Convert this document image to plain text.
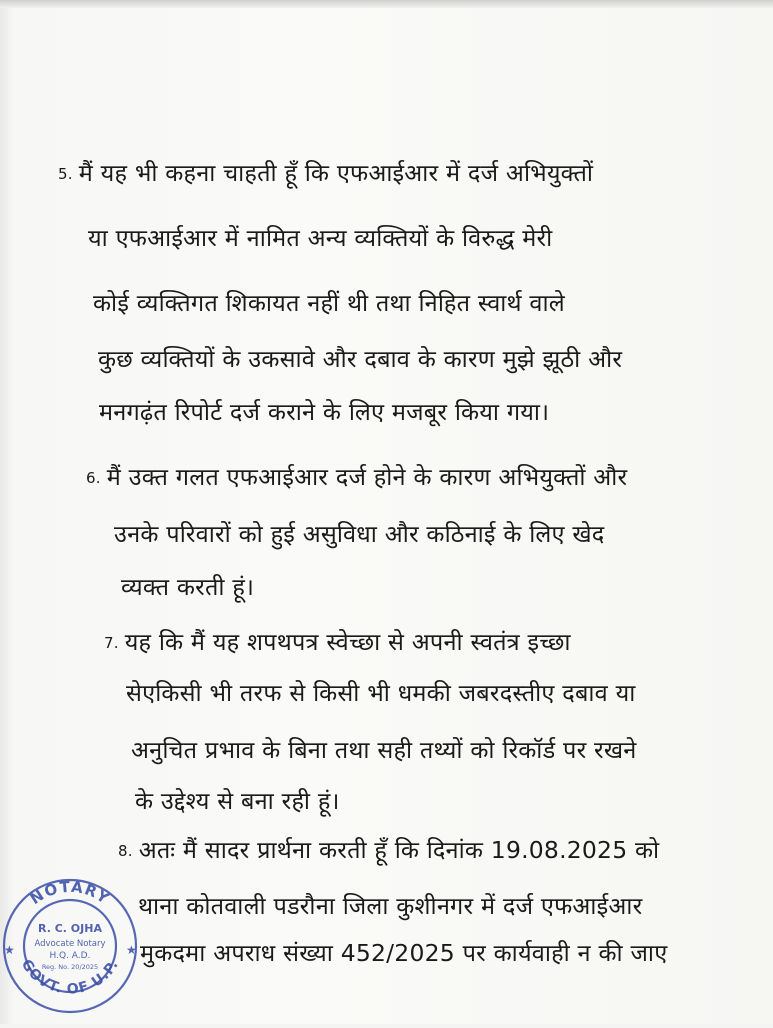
5. मैं यह भी कहना चाहती हूँ कि एफआईआर में दर्ज अभियुक्तों
या एफआईआर में नामित अन्य व्यक्तियों के विरुद्ध मेरी
कोई व्यक्तिगत शिकायत नहीं थी तथा निहित स्वार्थ वाले
कुछ व्यक्तियों के उकसावे और दबाव के कारण मुझे झूठी और
मनगढ़ंत रिपोर्ट दर्ज कराने के लिए मजबूर किया गया।
6. मैं उक्त गलत एफआईआर दर्ज होने के कारण अभियुक्तों और
उनके परिवारों को हुई असुविधा और कठिनाई के लिए खेद
व्यक्त करती हूं।
7. यह कि मैं यह शपथपत्र स्वेच्छा से अपनी स्वतंत्र इच्छा
सेएकिसी भी तरफ से किसी भी धमकी जबरदस्तीए दबाव या
अनुचित प्रभाव के बिना तथा सही तथ्यों को रिकॉर्ड पर रखने
के उद्देश्य से बना रही हूं।
8. अतः मैं सादर प्रार्थना करती हूँ कि दिनांक 19.08.2025 को
थाना कोतवाली पडरौना जिला कुशीनगर में दर्ज एफआईआर
मुकदमा अपराध संख्या 452/2025 पर कार्यवाही न की जाए
NOTARY
GOVT. OF U.P.
R. C. OJHA
Advocate Notary
H.Q. A.D.
Reg. No. 20/2025
★	★
